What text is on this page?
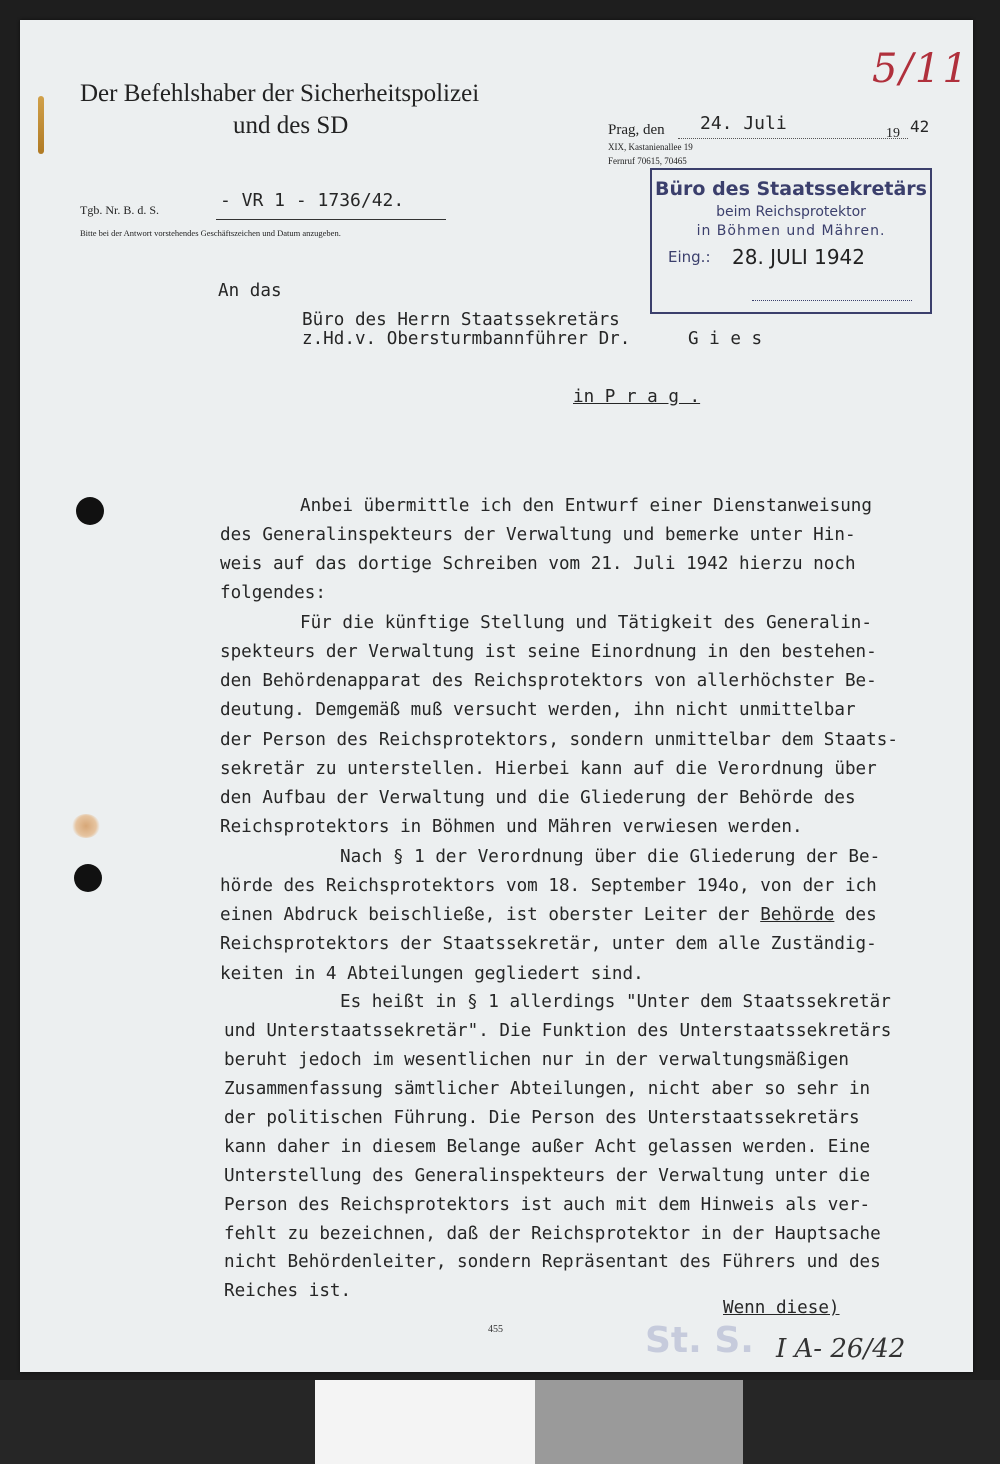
Der Befehlshaber der Sicherheitspolizei
und des SD	Prag, den 24. Juli	19 42
XIX, Kastanienallee 19
Fernruf 70615, 70465
Tgb. Nr. B. d. S.	- VR 1 - 1736/42.
Bitte bei der Antwort vorstehendes Geschäftszeichen und Datum anzugeben.
Büro des Staatssekretärs
beim Reichsprotektor
in Böhmen und Mähren.
Eing.: 28. JULI 1942
5/11
An das
Büro des Herrn Staatssekretärs
z.Hd.v. Obersturmbannführer Dr.	G i e s
in P r a g .
Anbei übermittle ich den Entwurf einer Dienstanweisung
des Generalinspekteurs der Verwaltung und bemerke unter Hin-
weis auf das dortige Schreiben vom 21. Juli 1942 hierzu noch
folgendes:
Für die künftige Stellung und Tätigkeit des Generalin-
spekteurs der Verwaltung ist seine Einordnung in den bestehen-
den Behördenapparat des Reichsprotektors von allerhöchster Be-
deutung. Demgemäß muß versucht werden, ihn nicht unmittelbar
der Person des Reichsprotektors, sondern unmittelbar dem Staats-
sekretär zu unterstellen. Hierbei kann auf die Verordnung über
den Aufbau der Verwaltung und die Gliederung der Behörde des
Reichsprotektors in Böhmen und Mähren verwiesen werden.
Nach § 1 der Verordnung über die Gliederung der Be-
hörde des Reichsprotektors vom 18. September 194o, von der ich
einen Abdruck beischließe, ist oberster Leiter der Behörde des
Reichsprotektors der Staatssekretär, unter dem alle Zuständig-
keiten in 4 Abteilungen gegliedert sind.
Es heißt in § 1 allerdings "Unter dem Staatssekretär
und Unterstaatssekretär". Die Funktion des Unterstaatssekretärs
beruht jedoch im wesentlichen nur in der verwaltungsmäßigen
Zusammenfassung sämtlicher Abteilungen, nicht aber so sehr in
der politischen Führung. Die Person des Unterstaatssekretärs
kann daher in diesem Belange außer Acht gelassen werden. Eine
Unterstellung des Generalinspekteurs der Verwaltung unter die
Person des Reichsprotektors ist auch mit dem Hinweis als ver-
fehlt zu bezeichnen, daß der Reichsprotektor in der Hauptsache
nicht Behördenleiter, sondern Repräsentant des Führers und des
Reiches ist.
Wenn diese)
St. S.
455
I A- 26/42
